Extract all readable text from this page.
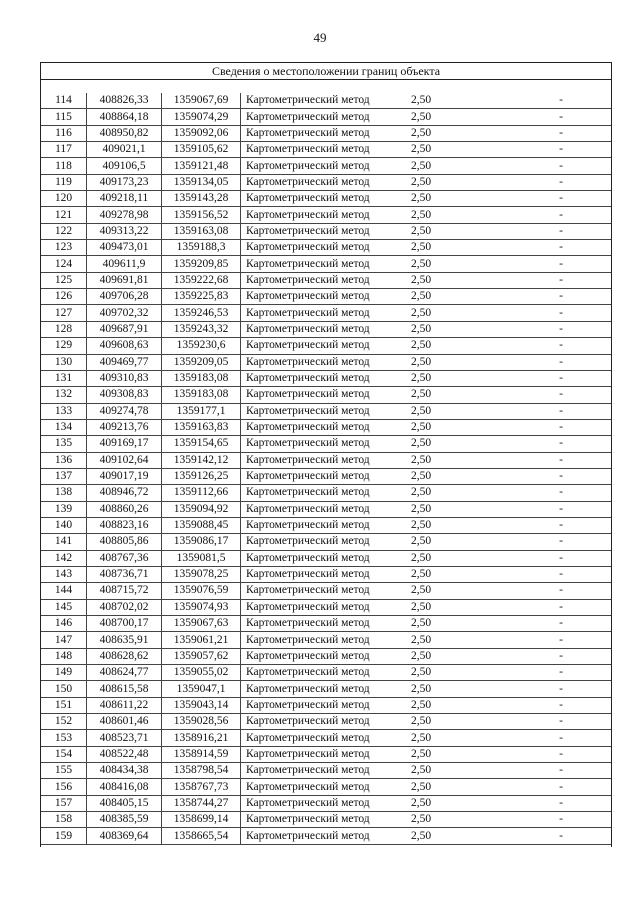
49
Сведения о местоположении границ объекта
114	408826,33	1359067,69	Картометрический метод	2,50	-
115	408864,18	1359074,29	Картометрический метод	2,50	-
116	408950,82	1359092,06	Картометрический метод	2,50	-
117	409021,1	1359105,62	Картометрический метод	2,50	-
118	409106,5	1359121,48	Картометрический метод	2,50	-
119	409173,23	1359134,05	Картометрический метод	2,50	-
120	409218,11	1359143,28	Картометрический метод	2,50	-
121	409278,98	1359156,52	Картометрический метод	2,50	-
122	409313,22	1359163,08	Картометрический метод	2,50	-
123	409473,01	1359188,3	Картометрический метод	2,50	-
124	409611,9	1359209,85	Картометрический метод	2,50	-
125	409691,81	1359222,68	Картометрический метод	2,50	-
126	409706,28	1359225,83	Картометрический метод	2,50	-
127	409702,32	1359246,53	Картометрический метод	2,50	-
128	409687,91	1359243,32	Картометрический метод	2,50	-
129	409608,63	1359230,6	Картометрический метод	2,50	-
130	409469,77	1359209,05	Картометрический метод	2,50	-
131	409310,83	1359183,08	Картометрический метод	2,50	-
132	409308,83	1359183,08	Картометрический метод	2,50	-
133	409274,78	1359177,1	Картометрический метод	2,50	-
134	409213,76	1359163,83	Картометрический метод	2,50	-
135	409169,17	1359154,65	Картометрический метод	2,50	-
136	409102,64	1359142,12	Картометрический метод	2,50	-
137	409017,19	1359126,25	Картометрический метод	2,50	-
138	408946,72	1359112,66	Картометрический метод	2,50	-
139	408860,26	1359094,92	Картометрический метод	2,50	-
140	408823,16	1359088,45	Картометрический метод	2,50	-
141	408805,86	1359086,17	Картометрический метод	2,50	-
142	408767,36	1359081,5	Картометрический метод	2,50	-
143	408736,71	1359078,25	Картометрический метод	2,50	-
144	408715,72	1359076,59	Картометрический метод	2,50	-
145	408702,02	1359074,93	Картометрический метод	2,50	-
146	408700,17	1359067,63	Картометрический метод	2,50	-
147	408635,91	1359061,21	Картометрический метод	2,50	-
148	408628,62	1359057,62	Картометрический метод	2,50	-
149	408624,77	1359055,02	Картометрический метод	2,50	-
150	408615,58	1359047,1	Картометрический метод	2,50	-
151	408611,22	1359043,14	Картометрический метод	2,50	-
152	408601,46	1359028,56	Картометрический метод	2,50	-
153	408523,71	1358916,21	Картометрический метод	2,50	-
154	408522,48	1358914,59	Картометрический метод	2,50	-
155	408434,38	1358798,54	Картометрический метод	2,50	-
156	408416,08	1358767,73	Картометрический метод	2,50	-
157	408405,15	1358744,27	Картометрический метод	2,50	-
158	408385,59	1358699,14	Картометрический метод	2,50	-
159	408369,64	1358665,54	Картометрический метод	2,50	-
